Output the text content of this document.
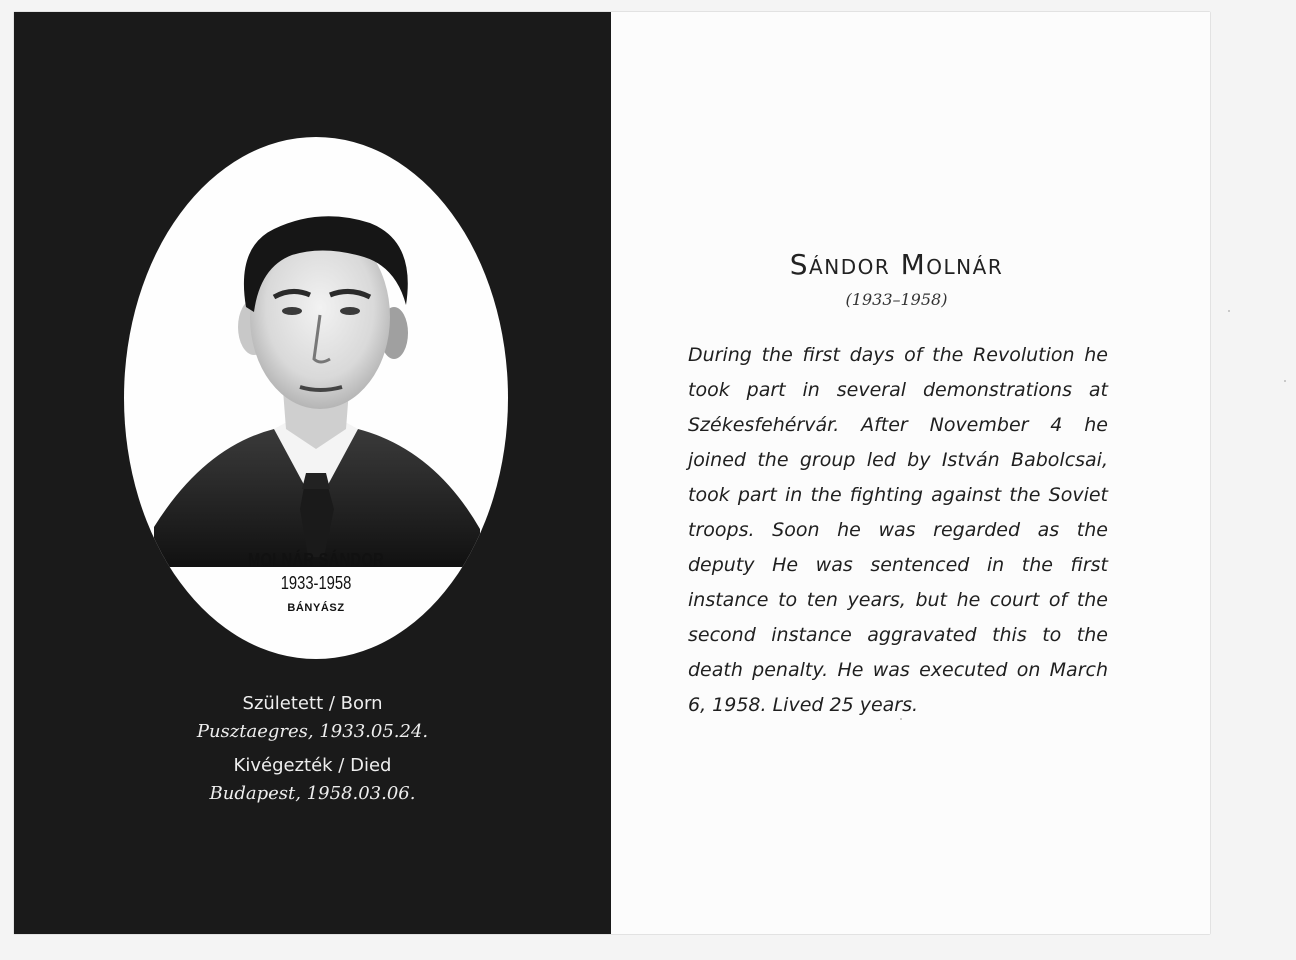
MOLNÁR SÁNDOR
1933-1958
BÁNYÁSZ
Született / Born
Pusztaegres, 1933.05.24.
Kivégezték / Died
Budapest, 1958.03.06.
Sándor Molnár
(1933–1958)
During the first days of the Revolution he took part in several demonstrations at Székesfehérvár. After November 4 he joined the group led by István Babolcsai, took part in the fighting against the Soviet troops. Soon he was regarded as the deputy He was sentenced in the first instance to ten years, but he court of the second instance aggravated this to the death penalty. He was executed on March 6, 1958. Lived 25 years.
